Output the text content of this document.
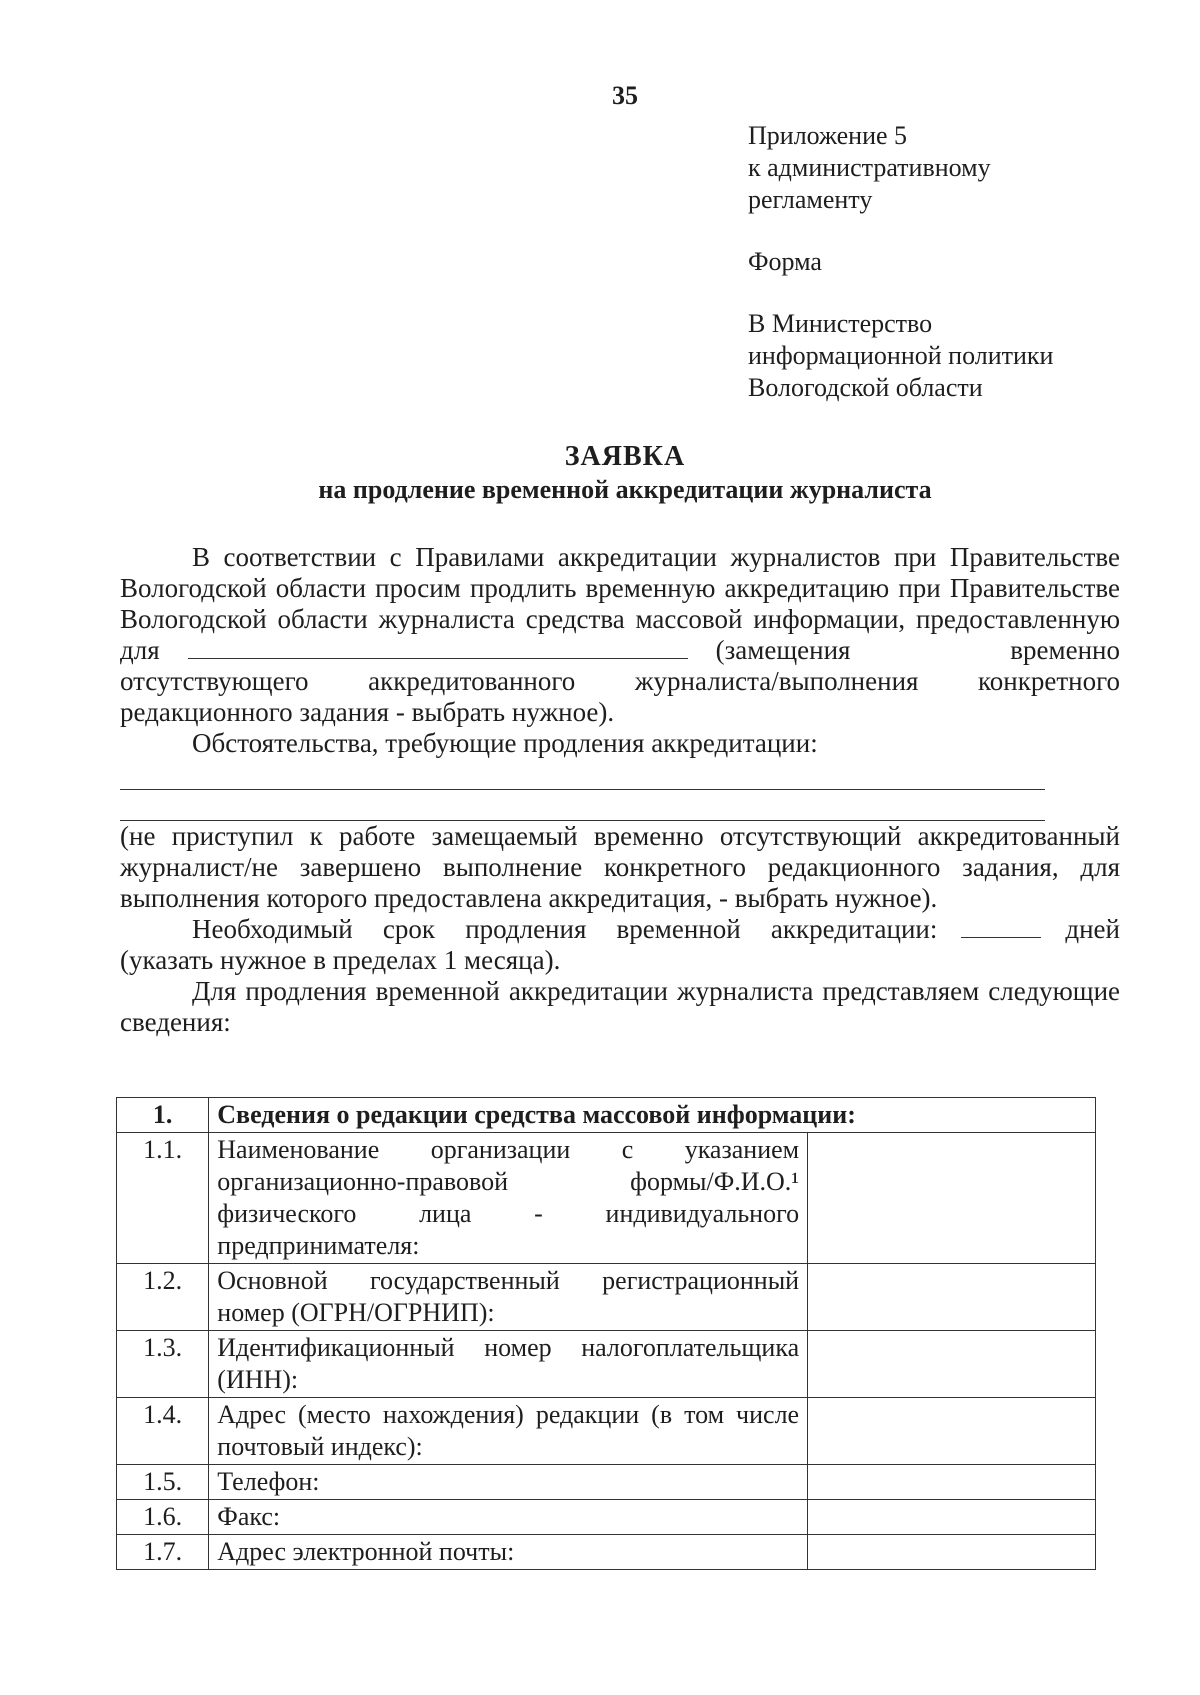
35
Приложение 5
к административному
регламенту
Форма
В Министерство
информационной политики
Вологодской области
ЗАЯВКА
на продление временной аккредитации журналиста

В соответствии с Правилами аккредитации журналистов при Правительстве Вологодской области просим продлить временную аккредитацию при Правительстве Вологодской области журналиста средства массовой информации, предоставленную для	(замещения временно отсутствующего аккредитованного журналиста/выполнения конкретного редакционного задания - выбрать нужное).

Обстоятельства, требующие продления аккредитации:

(не приступил к работе замещаемый временно отсутствующий аккредитованный журналист/не завершено выполнение конкретного редакционного задания, для выполнения которого предоставлена аккредитация, - выбрать нужное).

Необходимый срок продления временной аккредитации:	дней (указать нужное в пределах 1 месяца).

Для продления временной аккредитации журналиста представляем следующие сведения:

1.	Сведения о редакции средства массовой информации:	
1.1.	Наименование организации с указанием организационно-правовой формы/Ф.И.О.¹ физического лица - индивидуального предпринимателя:	
1.2.	Основной государственный регистрационный номер (ОГРН/ОГРНИП):	
1.3.	Идентификационный номер налогоплательщика (ИНН):	
1.4.	Адрес (место нахождения) редакции (в том числе почтовый индекс):	
1.5.	Телефон:	
1.6.	Факс:	
1.7.	Адрес электронной почты:	
